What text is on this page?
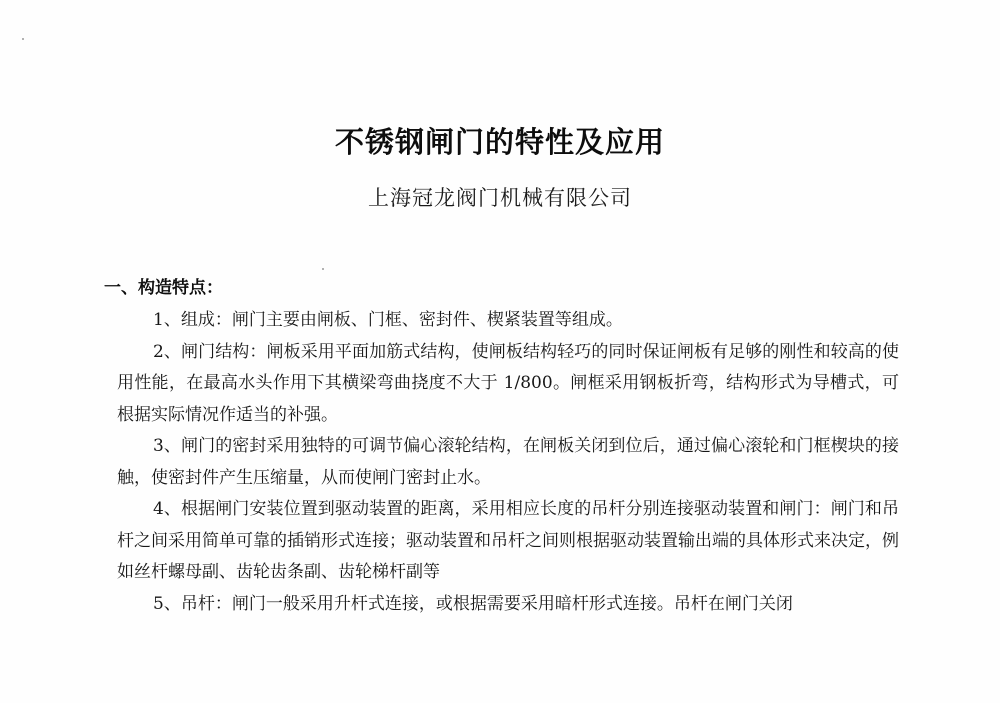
不锈钢闸门的特性及应用
上海冠龙阀门机械有限公司
一、构造特点：

1、组成：闸门主要由闸板、门框、密封件、楔紧装置等组成。

2、闸门结构：闸板采用平面加筋式结构，使闸板结构轻巧的同时保证闸板有足够的刚性和较高的使用性能，在最高水头作用下其横梁弯曲挠度不大于 1/800。闸框采用钢板折弯，结构形式为导槽式，可根据实际情况作适当的补强。

3、闸门的密封采用独特的可调节偏心滚轮结构，在闸板关闭到位后，通过偏心滚轮和门框楔块的接触，使密封件产生压缩量，从而使闸门密封止水。

4、根据闸门安装位置到驱动装置的距离，采用相应长度的吊杆分别连接驱动装置和闸门：闸门和吊杆之间采用简单可靠的插销形式连接；驱动装置和吊杆之间则根据驱动装置输出端的具体形式来决定，例如丝杆螺母副、齿轮齿条副、齿轮梯杆副等

5、吊杆：闸门一般采用升杆式连接，或根据需要采用暗杆形式连接。吊杆在闸门关闭
